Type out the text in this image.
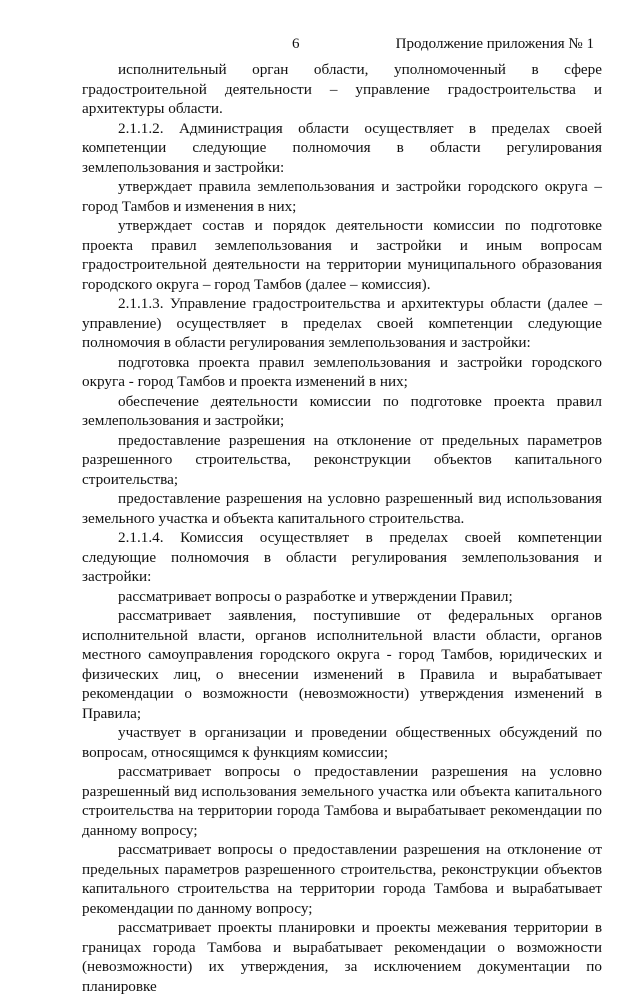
6	Продолжение приложения № 1

исполнительный орган области, уполномоченный в сфере градостроительной деятельности – управление градостроительства и архитектуры области.

2.1.1.2. Администрация области осуществляет в пределах своей компетенции следующие полномочия в области регулирования землепользования и застройки:

утверждает правила землепользования и застройки городского округа – город Тамбов и изменения в них;

утверждает состав и порядок деятельности комиссии по подготовке проекта правил землепользования и застройки и иным вопросам градостроительной деятельности на территории муниципального образования городского округа – город Тамбов (далее – комиссия).

2.1.1.3. Управление градостроительства и архитектуры области (далее – управление) осуществляет в пределах своей компетенции следующие полномочия в области регулирования землепользования и застройки:

подготовка проекта правил землепользования и застройки городского округа - город Тамбов и проекта изменений в них;

обеспечение деятельности комиссии по подготовке проекта правил землепользования и застройки;

предоставление разрешения на отклонение от предельных параметров разрешенного строительства, реконструкции объектов капитального строительства;

предоставление разрешения на условно разрешенный вид использования земельного участка и объекта капитального строительства.

2.1.1.4. Комиссия осуществляет в пределах своей компетенции следующие полномочия в области регулирования землепользования и застройки:

рассматривает вопросы о разработке и утверждении Правил;

рассматривает заявления, поступившие от федеральных органов исполнительной власти, органов исполнительной власти области, органов местного самоуправления городского округа - город Тамбов, юридических и физических лиц, о внесении изменений в Правила и вырабатывает рекомендации о возможности (невозможности) утверждения изменений в Правила;

участвует в организации и проведении общественных обсуждений по вопросам, относящимся к функциям комиссии;

рассматривает вопросы о предоставлении разрешения на условно разрешенный вид использования земельного участка или объекта капитального строительства на территории города Тамбова и вырабатывает рекомендации по данному вопросу;

рассматривает вопросы о предоставлении разрешения на отклонение от предельных параметров разрешенного строительства, реконструкции объектов капитального строительства на территории города Тамбова и вырабатывает рекомендации по данному вопросу;

рассматривает проекты планировки и проекты межевания территории в границах города Тамбова и вырабатывает рекомендации о возможности (невозможности) их утверждения, за исключением документации по планировке
